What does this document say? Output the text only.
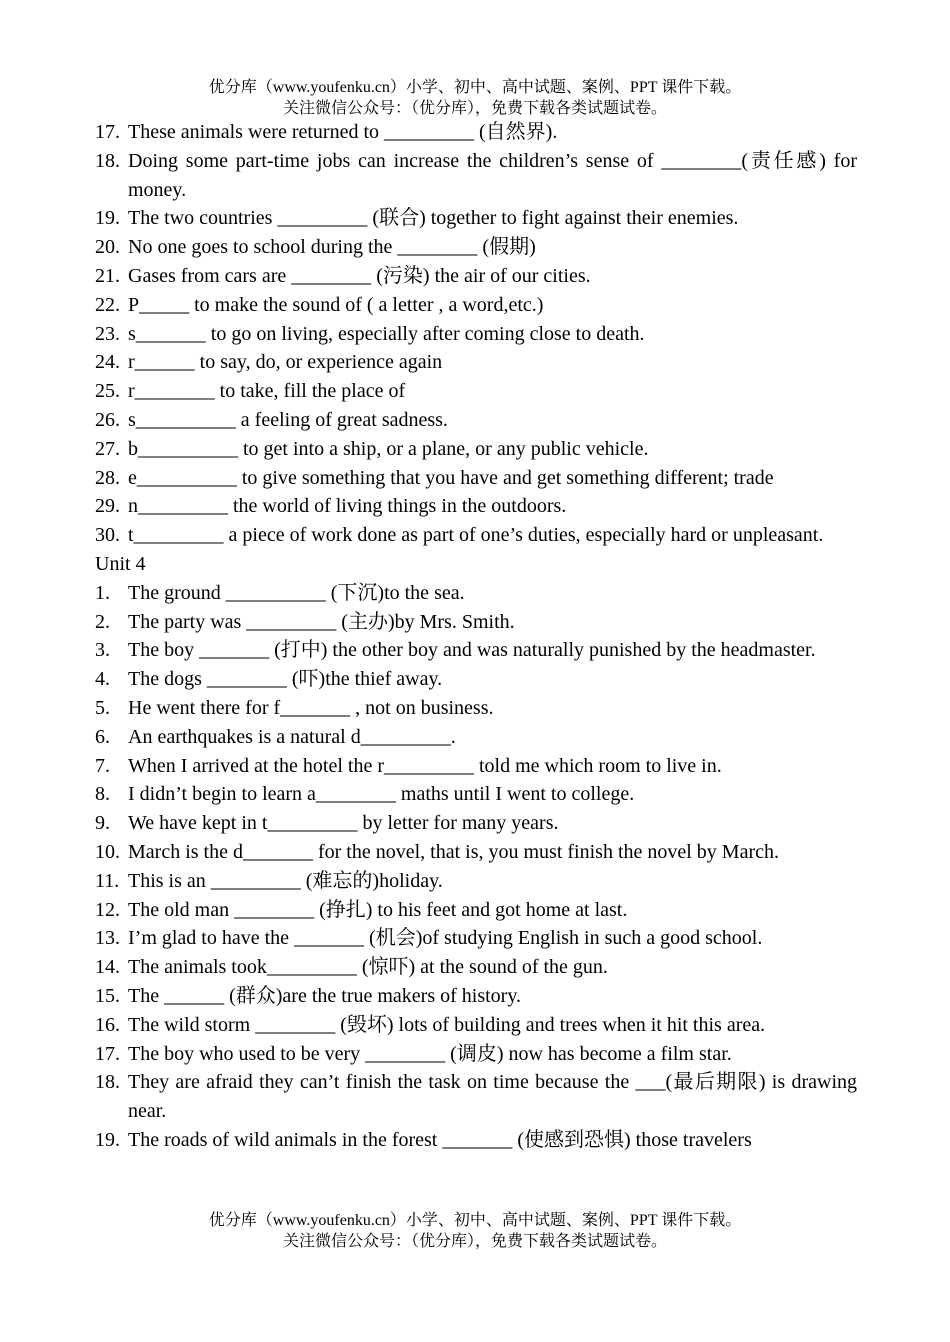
优分库（www.youfenku.cn）小学、初中、高中试题、案例、PPT 课件下载。
关注微信公众号：（优分库），免费下载各类试题试卷。
17. These animals were returned to _________ (自然界).
18. Doing some part-time jobs can increase the children’s sense of ________(责任感) for money.
19. The two countries _________ (联合) together to fight against their enemies.
20. No one goes to school during the ________ (假期)
21. Gases from cars are ________ (污染) the air of our cities.
22. P_____ to make the sound of ( a letter , a word,etc.)
23. s_______ to go on living, especially after coming close to death.
24. r______ to say, do, or experience again
25. r________ to take, fill the place of
26. s__________ a feeling of great sadness.
27. b__________ to get into a ship, or a plane, or any public vehicle.
28. e__________ to give something that you have and get something different; trade
29. n_________ the world of living things in the outdoors.
30. t_________ a piece of work done as part of one’s duties, especially hard or unpleasant.
Unit 4
1. The ground __________ (下沉)to the sea.
2. The party was _________ (主办)by Mrs. Smith.
3. The boy _______ (打中) the other boy and was naturally punished by the headmaster.
4. The dogs ________ (吓)the thief away.
5. He went there for f_______ , not on business.
6. An earthquakes is a natural d_________.
7. When I arrived at the hotel the r_________ told me which room to live in.
8. I didn’t begin to learn a________ maths until I went to college.
9. We have kept in t_________ by letter for many years.
10. March is the d_______ for the novel, that is, you must finish the novel by March.
11. This is an _________ (难忘的)holiday.
12. The old man ________ (挣扎) to his feet and got home at last.
13. I’m glad to have the _______ (机会)of studying English in such a good school.
14. The animals took_________ (惊吓) at the sound of the gun.
15. The ______ (群众)are the true makers of history.
16. The wild storm ________ (毁坏) lots of building and trees when it hit this area.
17. The boy who used to be very ________ (调皮) now has become a film star.
18. They are afraid they can’t finish the task on time because the ___(最后期限) is drawing near.
19. The roads of wild animals in the forest _______ (使感到恐惧) those travelers
优分库（www.youfenku.cn）小学、初中、高中试题、案例、PPT 课件下载。
关注微信公众号：（优分库），免费下载各类试题试卷。
